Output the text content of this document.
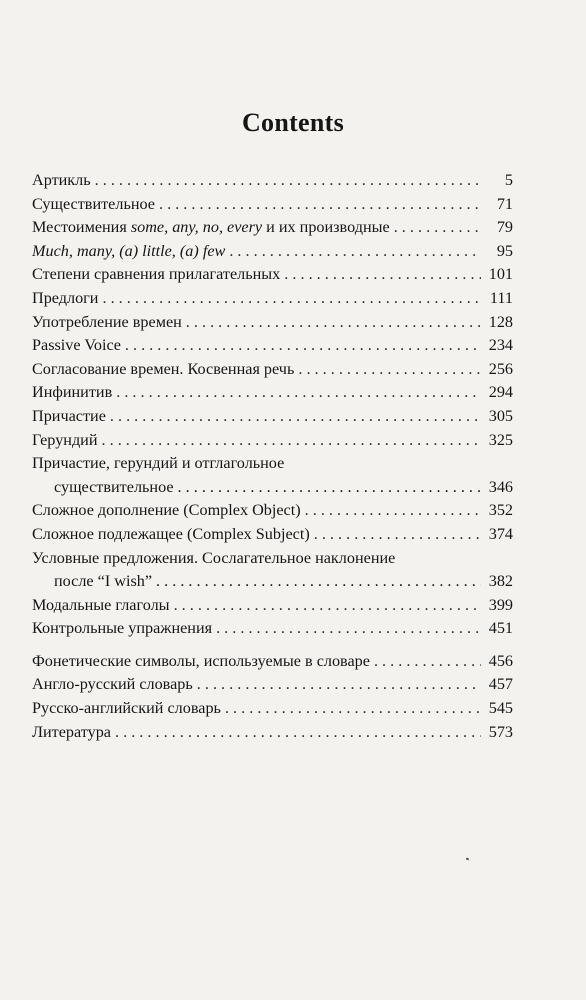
Contents
Артикль . . .	5
Существительное . . .	71
Местоимения some, any, no, every и их производные . . .	79
Much, many, (a) little, (a) few . . .	95
Степени сравнения прилагательных . . .	101
Предлоги . . .	111
Употребление времен . . .	128
Passive Voice . . .	234
Согласование времен. Косвенная речь . . .	256
Инфинитив . . .	294
Причастие . . .	305
Герундий . . .	325
Причастие, герундий и отглагольное
существительное . . .	346
Сложное дополнение (Complex Object) . . .	352
Сложное подлежащее (Complex Subject) . . .	374
Условные предложения. Сослагательное наклонение
после “I wish” . . .	382
Модальные глаголы . . .	399
Контрольные упражнения . . .	451
Фонетические символы, используемые в словаре . . .	456
Англо-русский словарь . . .	457
Русско-английский словарь . . .	545
Литература . . .	573
